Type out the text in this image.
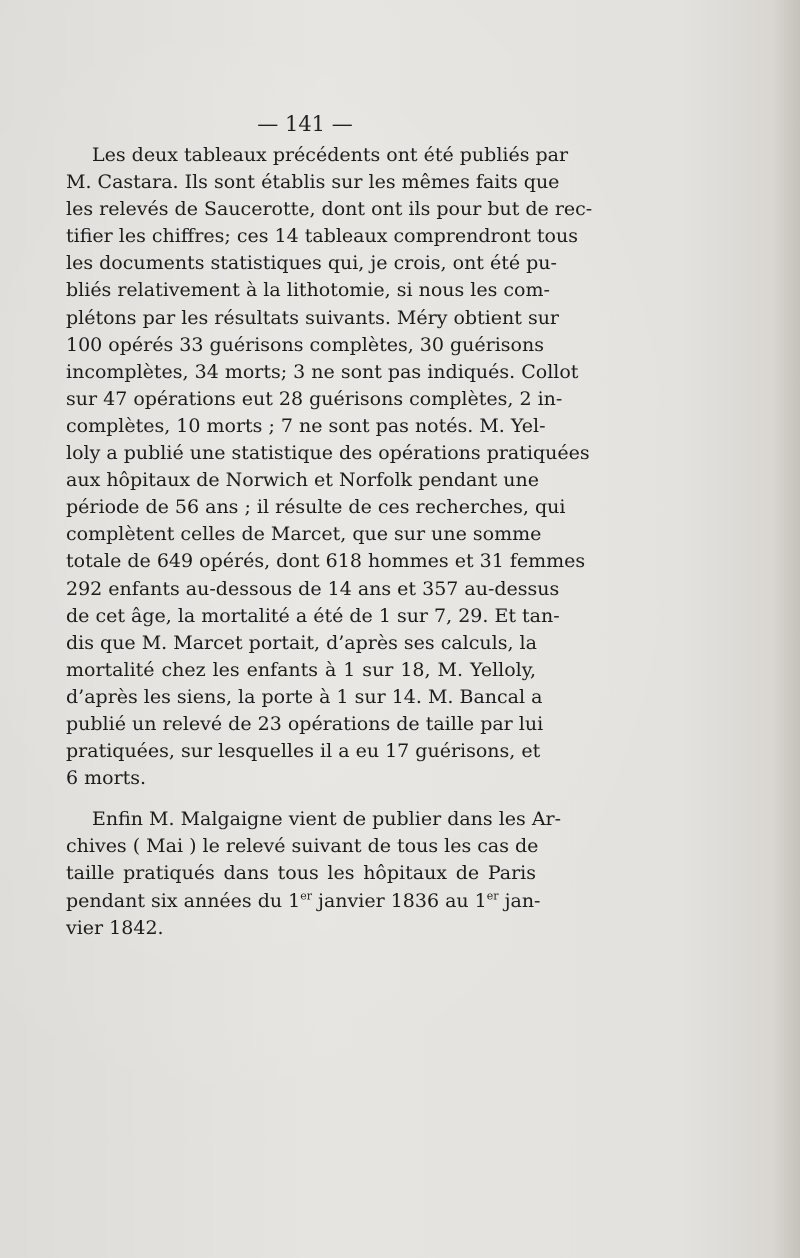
— 141 —
Les deux tableaux précédents ont été publiés par
M. Castara. Ils sont établis sur les mêmes faits que
les relevés de Saucerotte, dont ont ils pour but de rec-
tifier les chiffres; ces 14 tableaux comprendront tous
les documents statistiques qui, je crois, ont été pu-
bliés relativement à la lithotomie, si nous les com-
plétons par les résultats suivants. Méry obtient sur
100 opérés 33 guérisons complètes, 30 guérisons
incomplètes, 34 morts; 3 ne sont pas indiqués. Collot
sur 47 opérations eut 28 guérisons complètes, 2 in-
complètes, 10 morts ; 7 ne sont pas notés. M. Yel-
loly a publié une statistique des opérations pratiquées
aux hôpitaux de Norwich et Norfolk pendant une
période de 56 ans ; il résulte de ces recherches, qui
complètent celles de Marcet, que sur une somme
totale de 649 opérés, dont 618 hommes et 31 femmes
292 enfants au-dessous de 14 ans et 357 au-dessus
de cet âge, la mortalité a été de 1 sur 7, 29. Et tan-
dis que M. Marcet portait, d’après ses calculs, la
mortalité chez les enfants à 1 sur 18, M. Yelloly,
d’après les siens, la porte à 1 sur 14. M. Bancal a
publié un relevé de 23 opérations de taille par lui
pratiquées, sur lesquelles il a eu 17 guérisons, et
6 morts.
Enfin M. Malgaigne vient de publier dans les Ar-
chives ( Mai ) le relevé suivant de tous les cas de
taille pratiqués dans tous les hôpitaux de Paris
pendant six années du 1er janvier 1836 au 1er jan-
vier 1842.
